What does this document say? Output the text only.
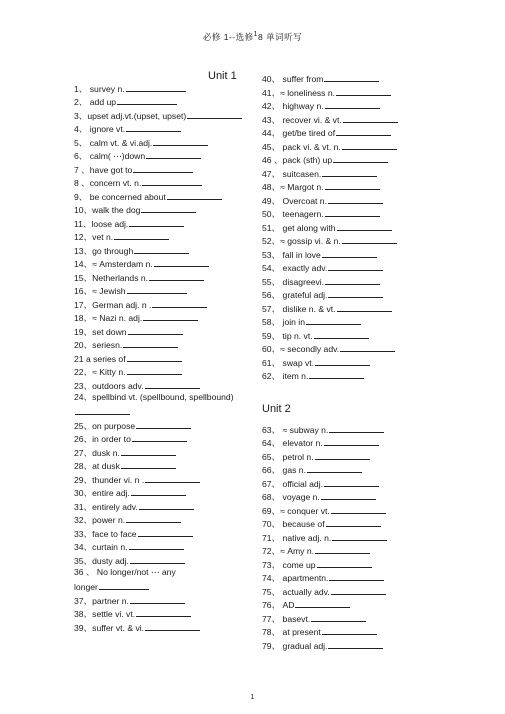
必修 1--选修$^1$8 单词听写
Unit 1
Unit 2
1、 survey n.
2、 add up
3、upset adj.vt.(upset, upset)
4、 ignore vt.
5、 calm vt. & vi.adj.
6、 calm( ⋯)down
7 、have got to
8 、concern vt. n.
9、 be concerned about
10、walk the dog
11、loose adj.
12、vet n.
13、go through
14、≈ Amsterdam n.
15、Netherlands n.
16、≈ Jewish
17、German adj. n .
18、≈ Nazi n. adj.
19、set down
20、seriesn.
21 a series of
22、≈ Kitty n.
23、outdoors adv.
24、spellbind vt. (spellbound, spellbound)
25、on purpose
26、in order to
27、dusk n.
28、at dusk
29、thunder vi. n .
30、entire adj.
31、entirely adv.
32、power n.
33、face to face
34、curtain n.
35、dusty adj.
36 、 No longer/not ⋯ any
longer
37、partner n.
38、settle vi. vt.
39、suffer vt. & vi.
40、 suffer from
41、≈ loneliness n.
42、 highway n.
43、 recover vi. & vt.
44、 get/be tired of
45、 pack vi. & vt. n.
46 、pack (sth) up
47、 suitcasen.
48、≈ Margot n.
49、 Overcoat n.
50、 teenagern.
51、 get along with
52、≈ gossip vi. & n.
53、 fall in love
54、 exactly adv.
55、 disagreevi.
56、 grateful adj.
57、 dislike n. & vt.
58、 join in
59、 tip n. vt.
60、≈ secondly adv.
61、 swap vt.
62、 item n.
63、 ≈ subway n.
64、 elevator n.
65、 petrol n.
66、 gas n.
67、 official adj.
68、 voyage n.
69、≈ conquer vt.
70、 because of
71、 native adj. n.
72、≈ Amy n.
73、 come up
74、 apartmentn.
75、 actually adv.
76、 AD
77、 basevt.
78、 at present
79、 gradual adj.
1
